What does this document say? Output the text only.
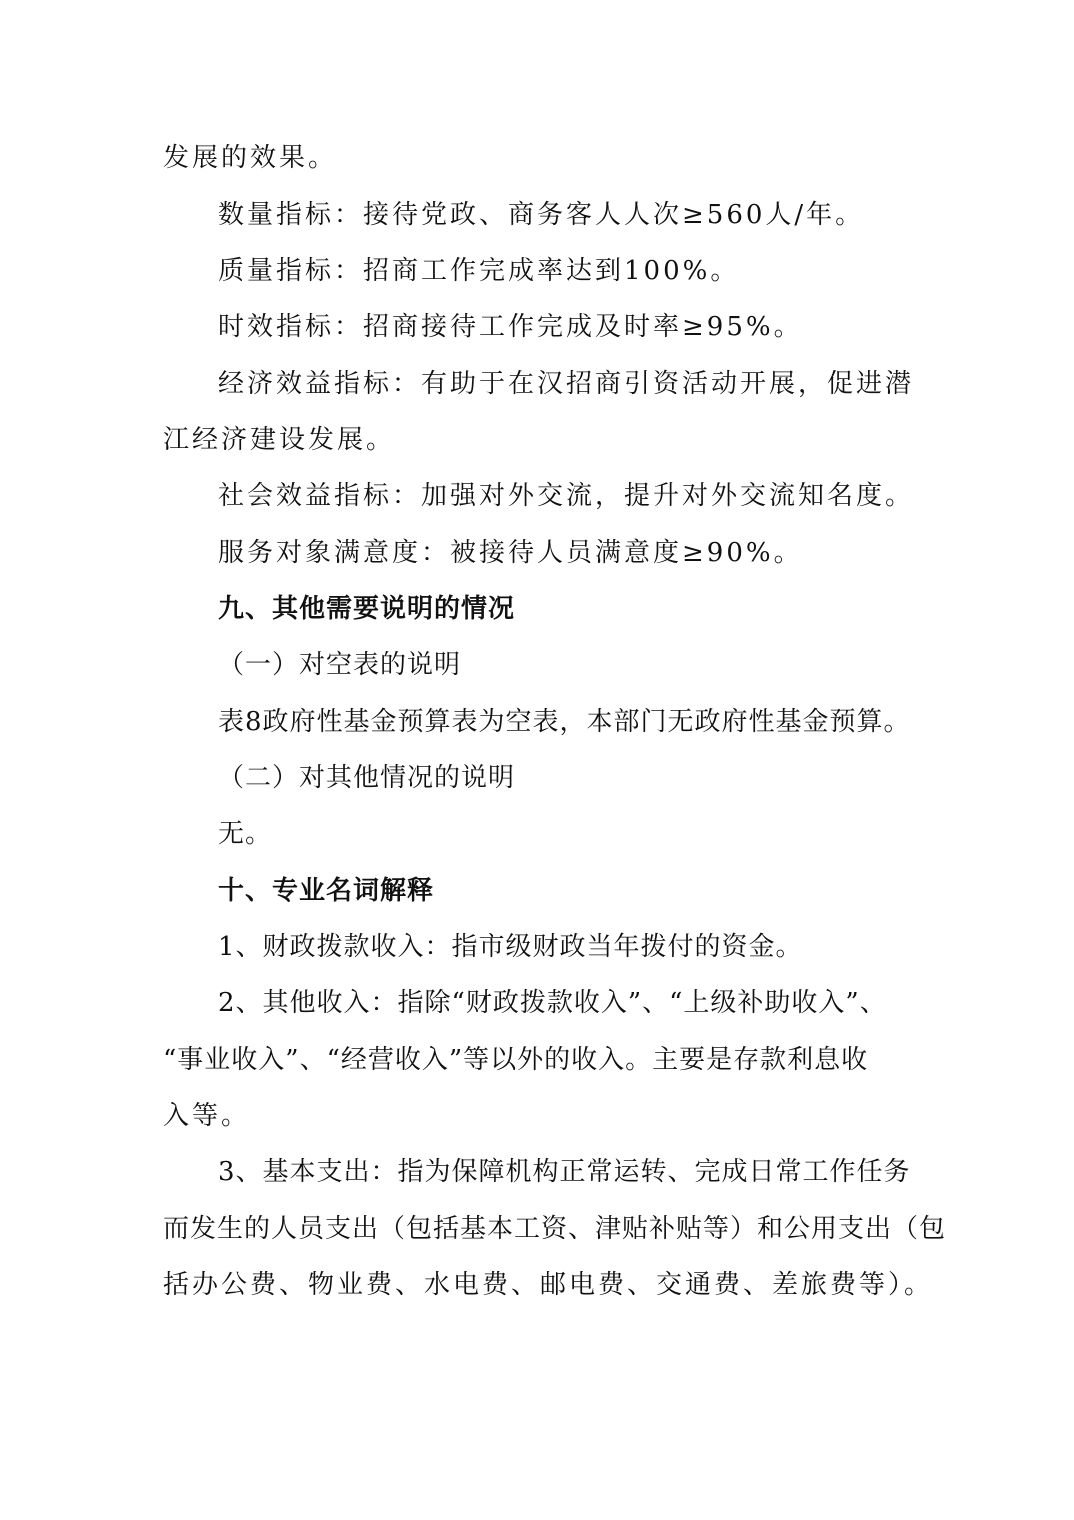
发展的效果。
数量指标：接待党政、商务客人人次≥560人/年。
质量指标：招商工作完成率达到100%。
时效指标：招商接待工作完成及时率≥95%。
经济效益指标：有助于在汉招商引资活动开展，促进潜
江经济建设发展。
社会效益指标：加强对外交流，提升对外交流知名度。
服务对象满意度：被接待人员满意度≥90%。
九、其他需要说明的情况
（一）对空表的说明
表8政府性基金预算表为空表，本部门无政府性基金预算。
（二）对其他情况的说明
无。
十、专业名词解释
1、财政拨款收入：指市级财政当年拨付的资金。
2、其他收入：指除“财政拨款收入”、“上级补助收入”、
“事业收入”、“经营收入”等以外的收入。主要是存款利息收
入等。
3、基本支出：指为保障机构正常运转、完成日常工作任务
而发生的人员支出（包括基本工资、津贴补贴等）和公用支出（包
括办公费、物业费、水电费、邮电费、交通费、差旅费等）。
